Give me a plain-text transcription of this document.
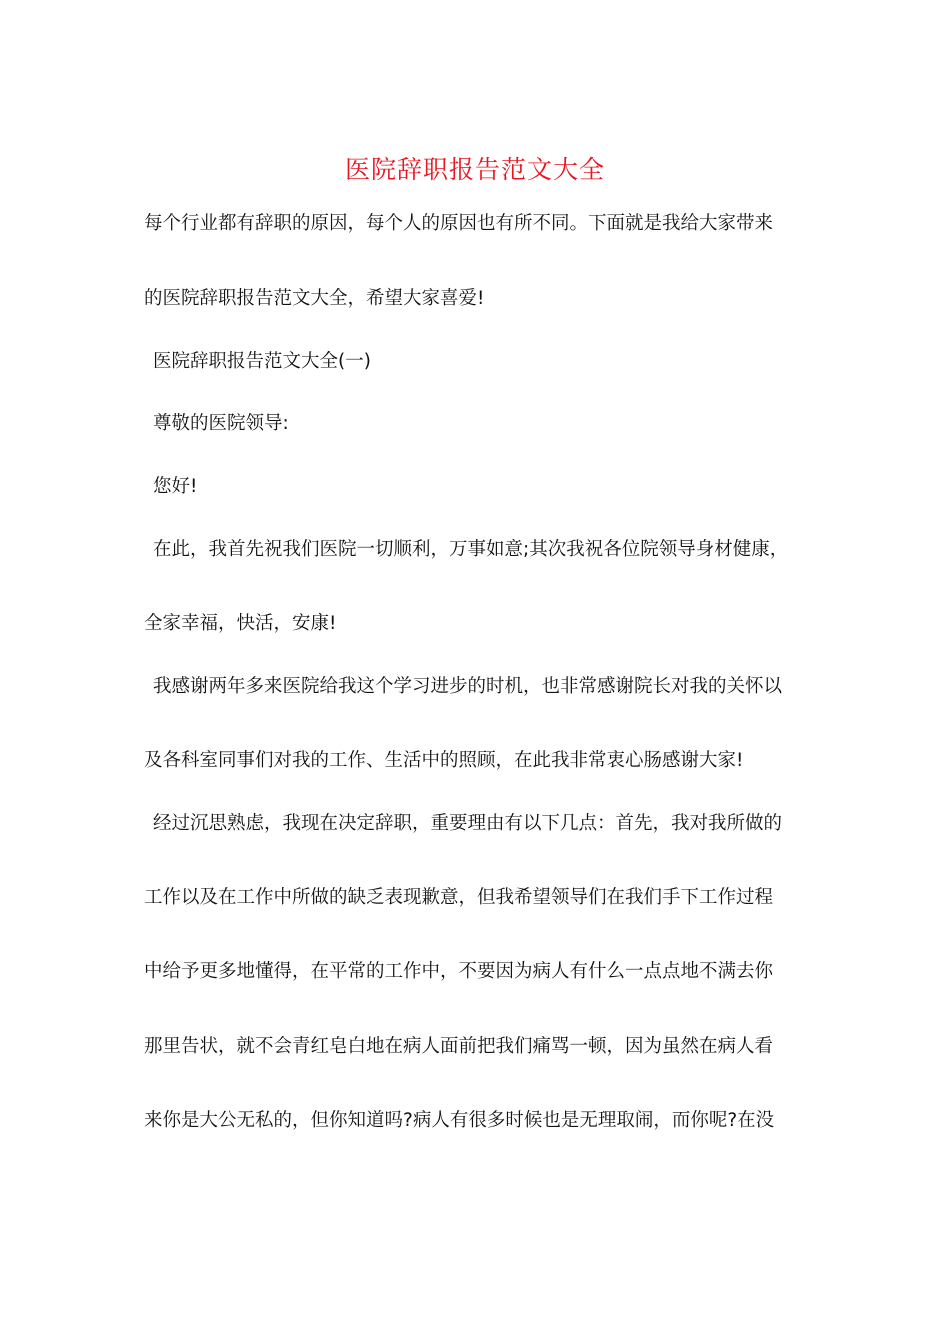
医院辞职报告范文大全
每个行业都有辞职的原因，每个人的原因也有所不同。下面就是我给大家带来
的医院辞职报告范文大全，希望大家喜爱!
医院辞职报告范文大全(一)
尊敬的医院领导:
您好!
在此，我首先祝我们医院一切顺利，万事如意;其次我祝各位院领导身材健康，
全家幸福，快活，安康!
我感谢两年多来医院给我这个学习进步的时机，也非常感谢院长对我的关怀以
及各科室同事们对我的工作、生活中的照顾，在此我非常衷心肠感谢大家!
经过沉思熟虑，我现在决定辞职，重要理由有以下几点：首先，我对我所做的
工作以及在工作中所做的缺乏表现歉意，但我希望领导们在我们手下工作过程
中给予更多地懂得，在平常的工作中，不要因为病人有什么一点点地不满去你
那里告状，就不会青红皂白地在病人面前把我们痛骂一顿，因为虽然在病人看
来你是大公无私的，但你知道吗?病人有很多时候也是无理取闹，而你呢?在没
